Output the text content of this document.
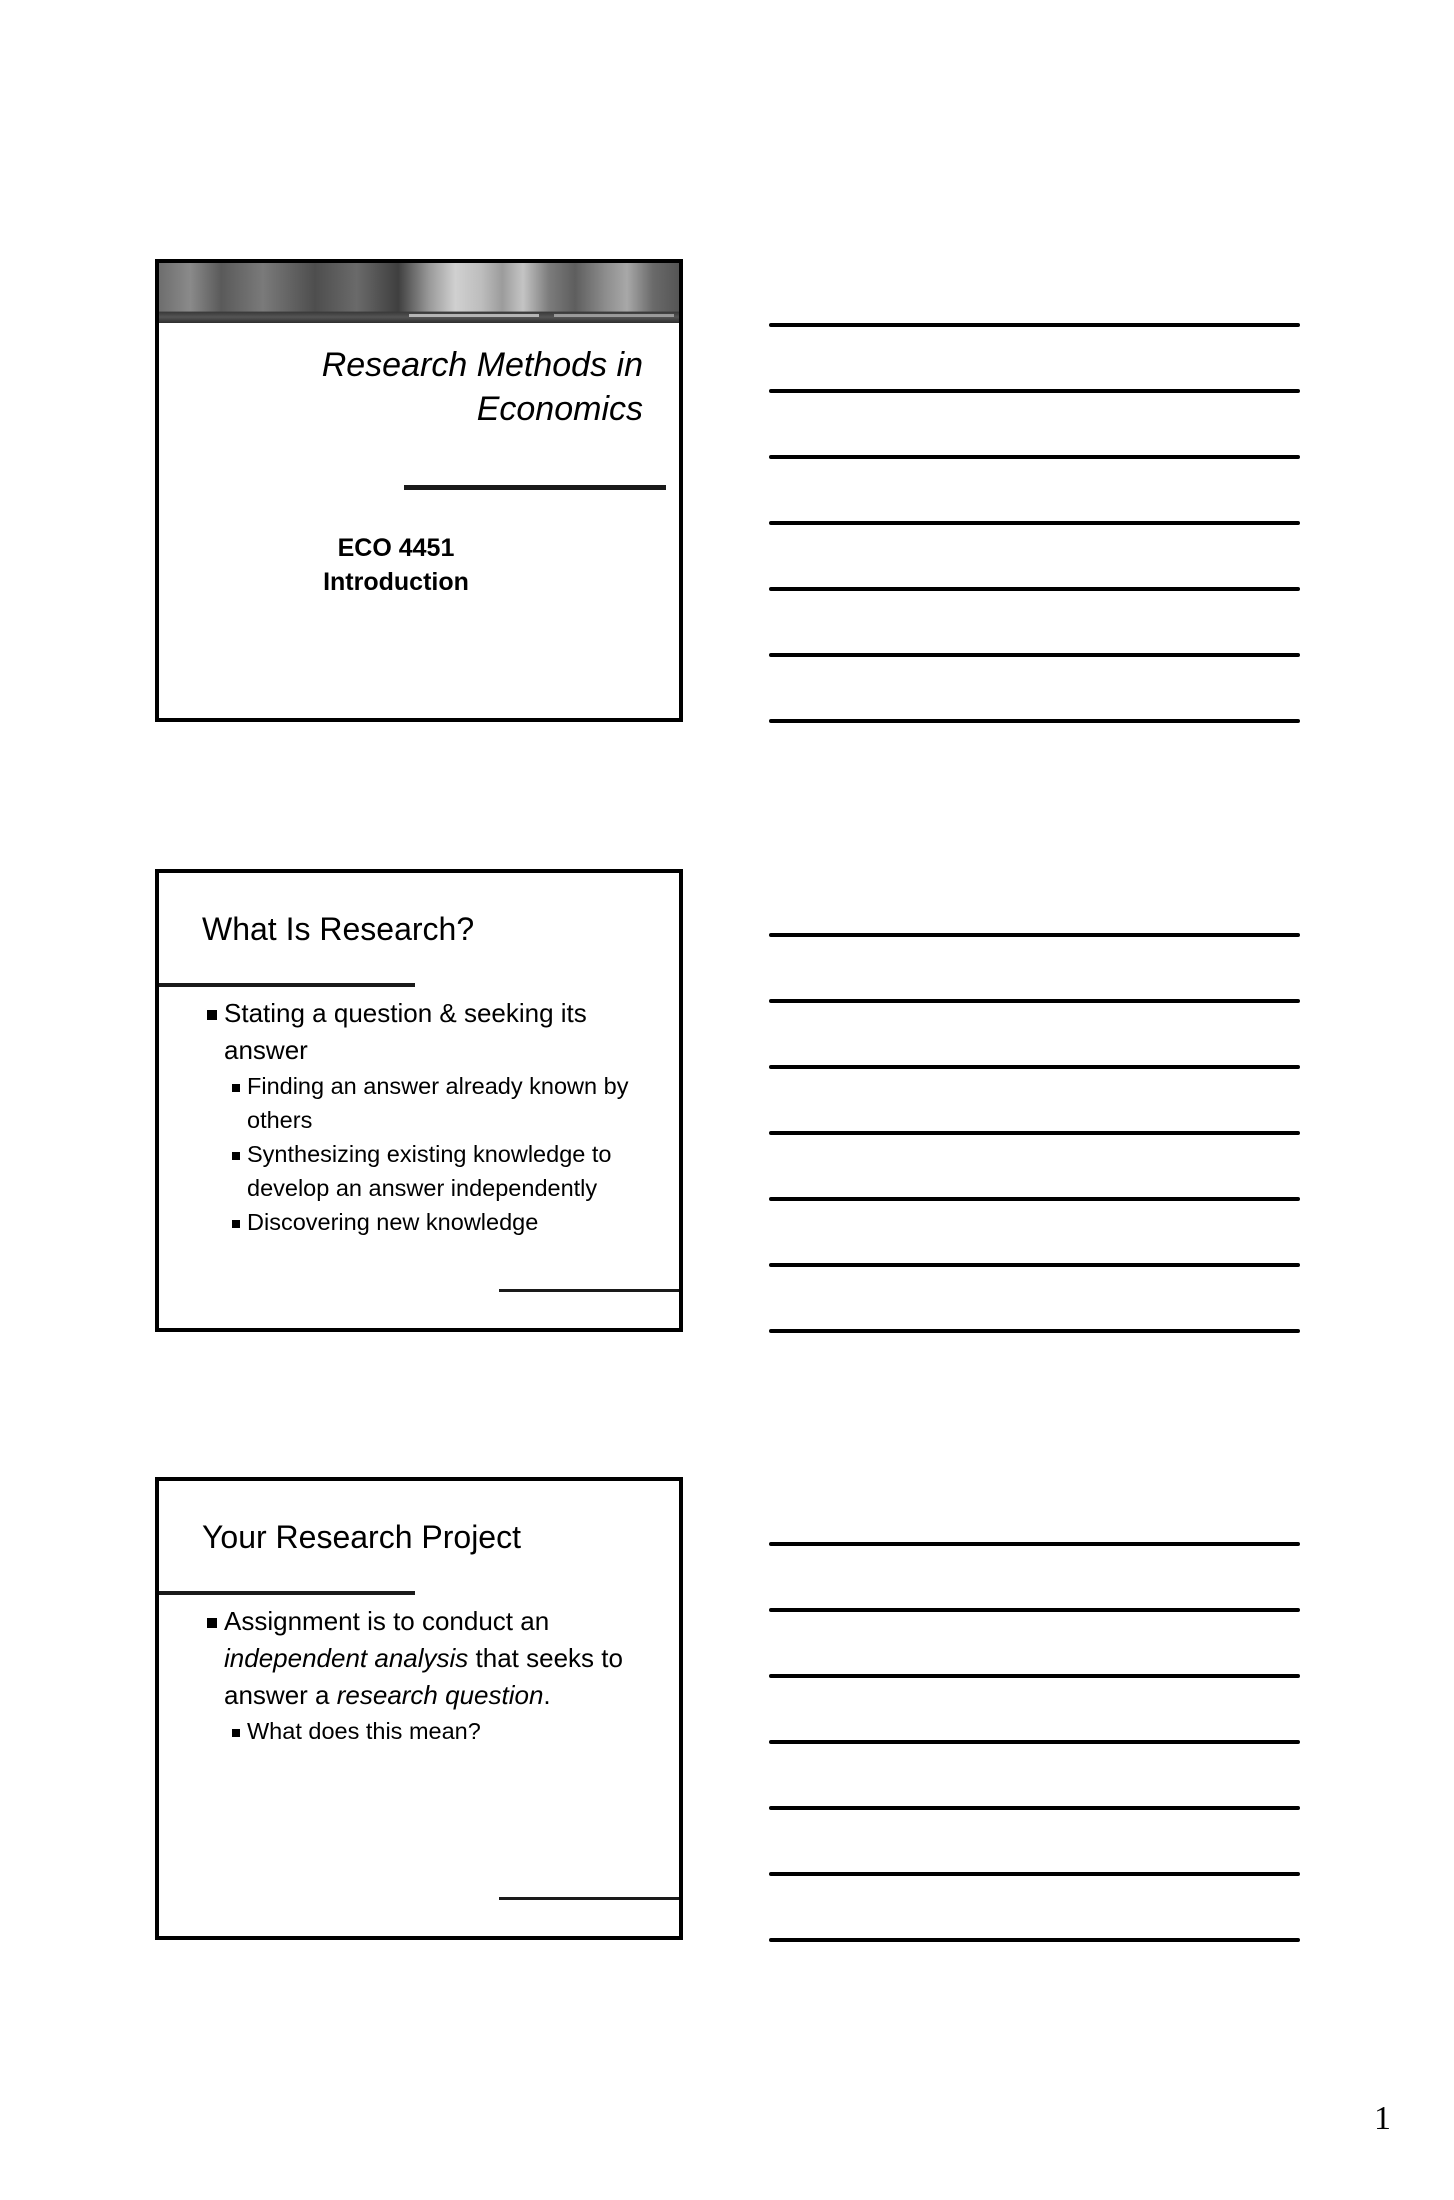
Research Methods in
Economics
ECO 4451
Introduction
What Is Research?
Stating a question & seeking its answer
Finding an answer already known by others
Synthesizing existing knowledge to develop an answer independently
Discovering new knowledge
Your Research Project
Assignment is to conduct an independent analysis that seeks to answer a research question.
What does this mean?
1
